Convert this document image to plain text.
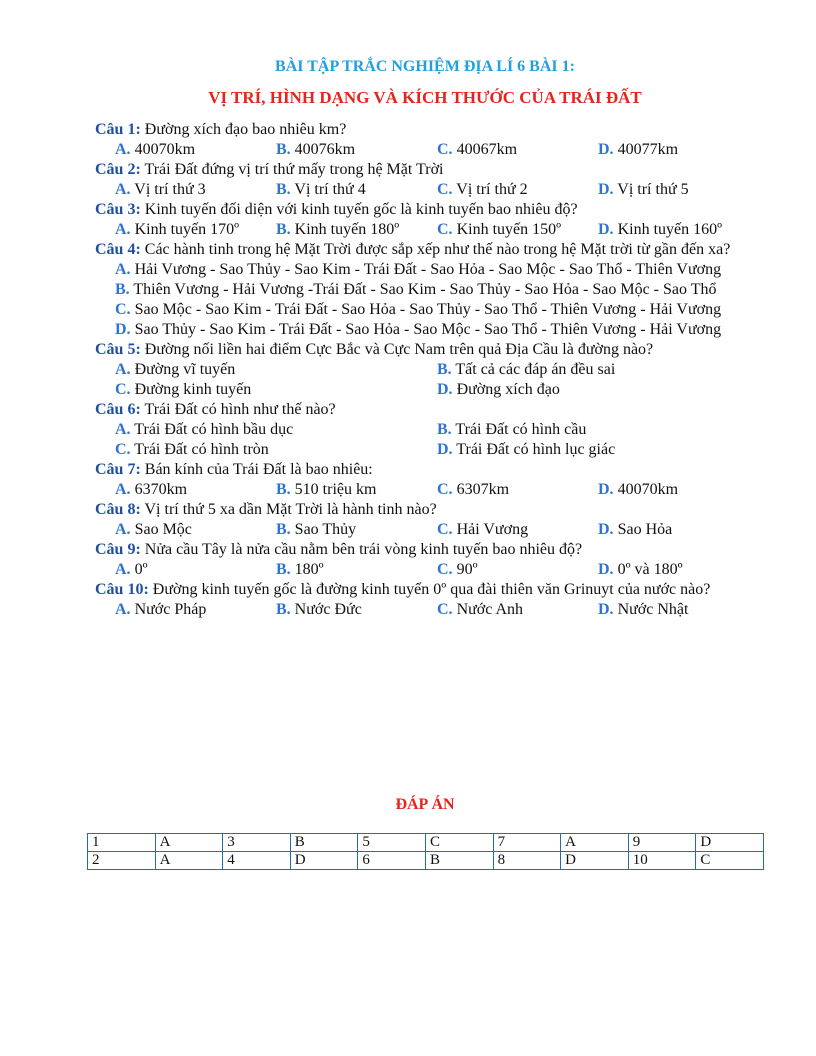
BÀI TẬP TRẮC NGHIỆM ĐỊA LÍ 6 BÀI 1:
VỊ TRÍ, HÌNH DẠNG VÀ KÍCH THƯỚC CỦA TRÁI ĐẤT
Câu 1: Đường xích đạo bao nhiêu km?
A. 40070km	B. 40076km	C. 40067km	D. 40077km
Câu 2: Trái Đất đứng vị trí thứ mấy trong hệ Mặt Trời
A. Vị trí thứ 3	B. Vị trí thứ 4	C. Vị trí thứ 2	D. Vị trí thứ 5
Câu 3: Kinh tuyến đối diện với kinh tuyến gốc là kinh tuyến bao nhiêu độ?
A. Kinh tuyến 170º	B. Kinh tuyến 180º	C. Kinh tuyến 150º	D. Kinh tuyến 160º
Câu 4: Các hành tinh trong hệ Mặt Trời được sắp xếp như thế nào trong hệ Mặt trời từ gần đến xa?
A. Hải Vương - Sao Thủy - Sao Kim - Trái Đất - Sao Hỏa - Sao Mộc - Sao Thổ - Thiên Vương
B. Thiên Vương - Hải Vương -Trái Đất - Sao Kim - Sao Thủy - Sao Hỏa - Sao Mộc - Sao Thổ
C. Sao Mộc - Sao Kim - Trái Đất - Sao Hỏa - Sao Thủy - Sao Thổ - Thiên Vương - Hải Vương
D. Sao Thủy - Sao Kim - Trái Đất - Sao Hỏa - Sao Mộc - Sao Thổ - Thiên Vương - Hải Vương
Câu 5: Đường nối liền hai điểm Cực Bắc và Cực Nam trên quả Địa Cầu là đường nào?
A. Đường vĩ tuyến	B. Tất cả các đáp án đều sai
C. Đường kinh tuyến	D. Đường xích đạo
Câu 6: Trái Đất có hình như thế nào?
A. Trái Đất có hình bầu dục	B. Trái Đất có hình cầu
C. Trái Đất có hình tròn	D. Trái Đất có hình lục giác
Câu 7: Bán kính của Trái Đất là bao nhiêu:
A. 6370km	B. 510 triệu km	C. 6307km	D. 40070km
Câu 8: Vị trí thứ 5 xa dần Mặt Trời là hành tinh nào?
A. Sao Mộc	B. Sao Thủy	C. Hải Vương	D. Sao Hỏa
Câu 9: Nửa cầu Tây là nửa cầu nằm bên trái vòng kinh tuyến bao nhiêu độ?
A. 0º	B. 180º	C. 90º	D. 0º và 180º
Câu 10: Đường kinh tuyến gốc là đường kinh tuyến 0º qua đài thiên văn Grinuyt của nước nào?
A. Nước Pháp	B. Nước Đức	C. Nước Anh	D. Nước Nhật
ĐÁP ÁN
1	A	3	B	5	C	7	A	9	D
2	A	4	D	6	B	8	D	10	C
